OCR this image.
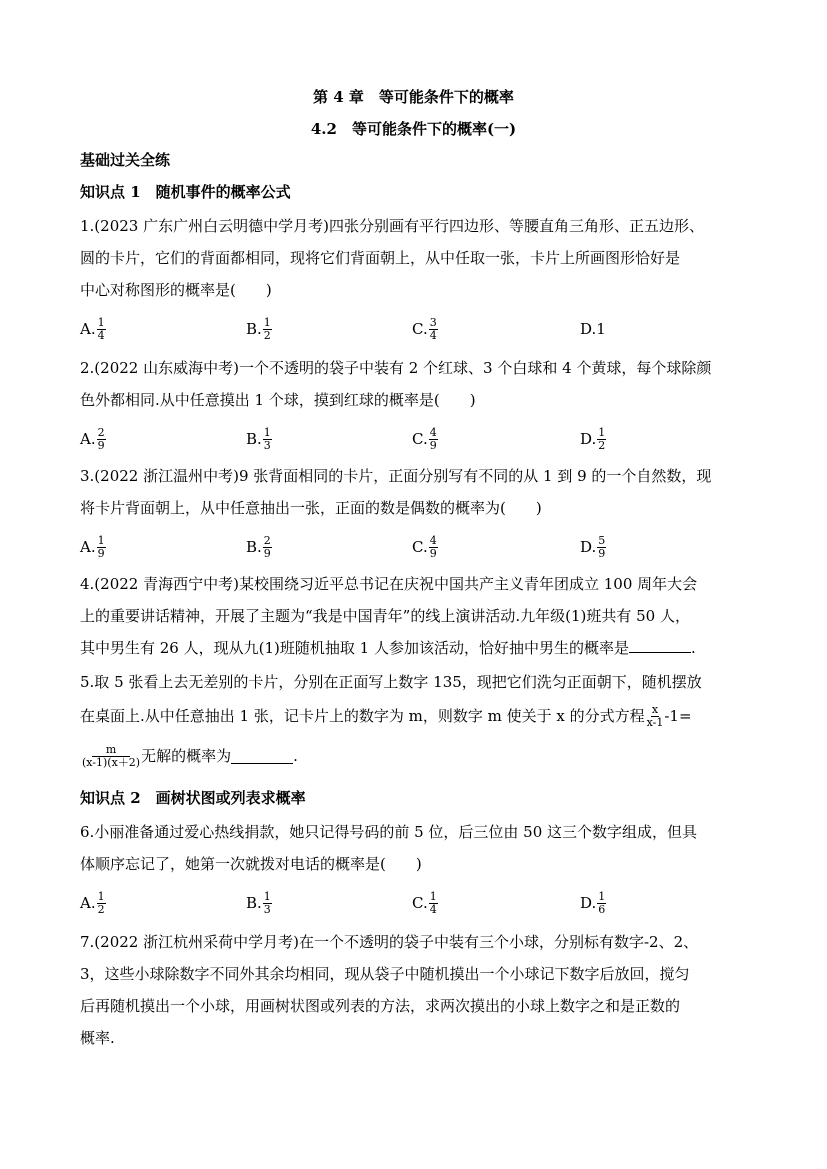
第 4 章　等可能条件下的概率
4.2　等可能条件下的概率(一)
基础过关全练
知识点 1　随机事件的概率公式
1.(2023 广东广州白云明德中学月考)四张分别画有平行四边形、等腰直角三角形、正五边形、
圆的卡片，它们的背面都相同，现将它们背面朝上，从中任取一张，卡片上所画图形恰好是
中心对称图形的概率是(　　)
A. $\frac{1}{4}$	B. $\frac{1}{2}$	C. $\frac{3}{4}$	D. 1
2.(2022 山东威海中考)一个不透明的袋子中装有 2 个红球、3 个白球和 4 个黄球，每个球除颜
色外都相同.从中任意摸出 1 个球，摸到红球的概率是(　　)
A. $\frac{2}{9}$	B. $\frac{1}{3}$	C. $\frac{4}{9}$	D. $\frac{1}{2}$
3.(2022 浙江温州中考)9 张背面相同的卡片，正面分别写有不同的从 1 到 9 的一个自然数，现
将卡片背面朝上，从中任意抽出一张，正面的数是偶数的概率为(　　)
A. $\frac{1}{9}$	B. $\frac{2}{9}$	C. $\frac{4}{9}$	D. $\frac{5}{9}$
4.(2022 青海西宁中考)某校围绕习近平总书记在庆祝中国共产主义青年团成立 100 周年大会
上的重要讲话精神，开展了主题为“我是中国青年”的线上演讲活动.九年级(1)班共有 50 人，
其中男生有 26 人，现从九(1)班随机抽取 1 人参加该活动，恰好抽中男生的概率是	.
5.取 5 张看上去无差别的卡片，分别在正面写上数字 135，现把它们洗匀正面朝下，随机摆放
在桌面上.从中任意抽出 1 张，记卡片上的数字为 m，则数字 m 使关于 x 的分式方程 $\frac{x}{x-1} -1=$
$\frac{m}{(x-1)(x+2)}$ 无解的概率为	.
知识点 2　画树状图或列表求概率
6.小丽准备通过爱心热线捐款，她只记得号码的前 5 位，后三位由 50 这三个数字组成，但具
体顺序忘记了，她第一次就拨对电话的概率是(　　)
A. $\frac{1}{2}$	B. $\frac{1}{3}$	C. $\frac{1}{4}$	D. $\frac{1}{6}$
7.(2022 浙江杭州采荷中学月考)在一个不透明的袋子中装有三个小球，分别标有数字-2、2、
3，这些小球除数字不同外其余均相同，现从袋子中随机摸出一个小球记下数字后放回，搅匀
后再随机摸出一个小球，用画树状图或列表的方法，求两次摸出的小球上数字之和是正数的
概率.
